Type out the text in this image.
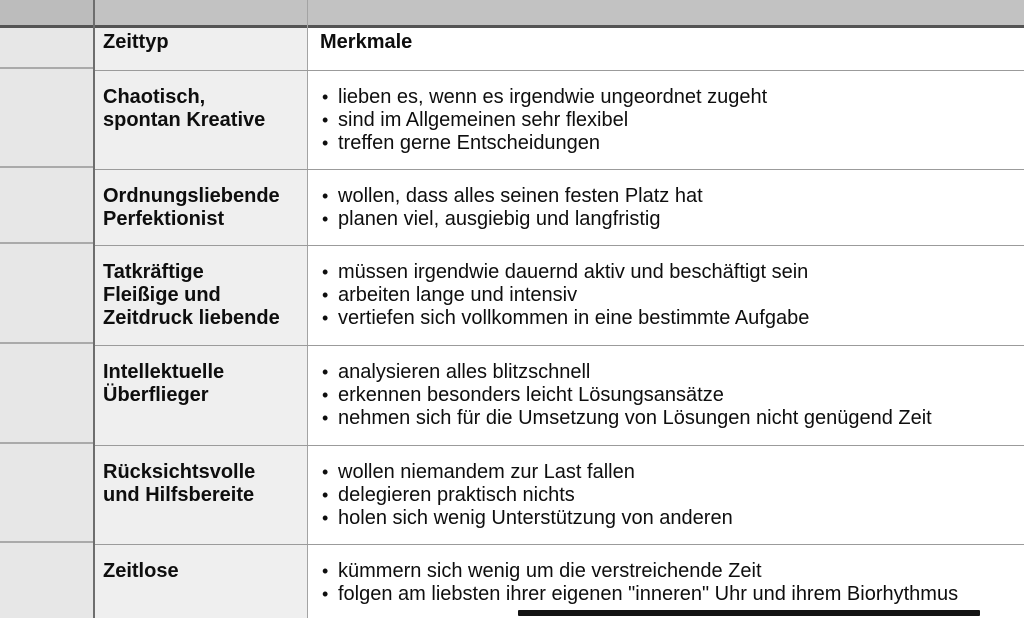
Zeittyp	Merkmale
Chaotisch,
spontan Kreative
• lieben es, wenn es irgendwie ungeordnet zugeht
• sind im Allgemeinen sehr flexibel
• treffen gerne Entscheidungen
Ordnungsliebende
Perfektionist
• wollen, dass alles seinen festen Platz hat
• planen viel, ausgiebig und langfristig
Tatkräftige
Fleißige und
Zeitdruck liebende
• müssen irgendwie dauernd aktiv und beschäftigt sein
• arbeiten lange und intensiv
• vertiefen sich vollkommen in eine bestimmte Aufgabe
Intellektuelle
Überflieger
• analysieren alles blitzschnell
• erkennen besonders leicht Lösungsansätze
• nehmen sich für die Umsetzung von Lösungen nicht genügend Zeit
Rücksichtsvolle
und Hilfsbereite
• wollen niemandem zur Last fallen
• delegieren praktisch nichts
• holen sich wenig Unterstützung von anderen
Zeitlose	• kümmern sich wenig um die verstreichende Zeit
• folgen am liebsten ihrer eigenen "inneren" Uhr und ihrem Biorhythmus
